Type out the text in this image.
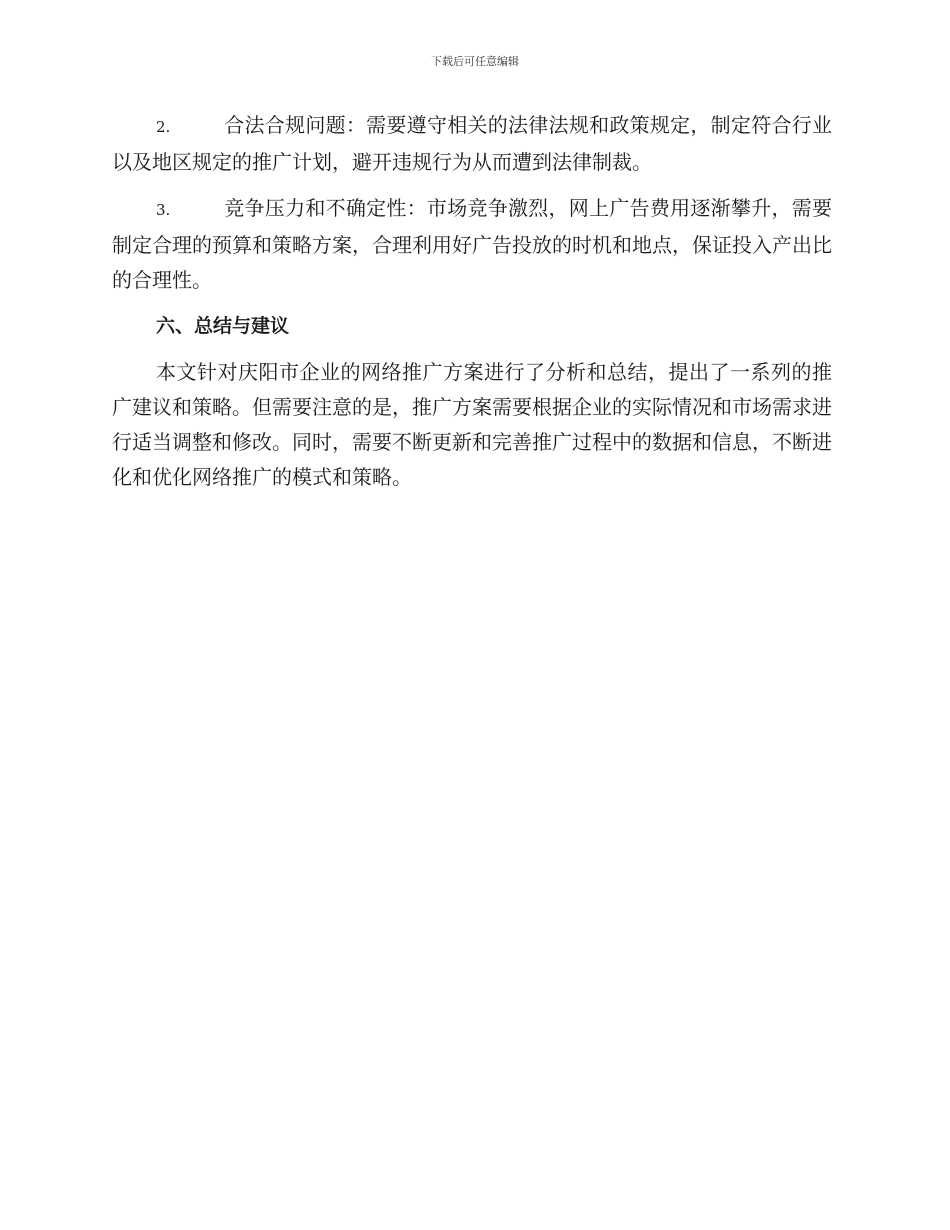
下载后可任意编辑

2.	合法合规问题：需要遵守相关的法律法规和政策规定，制定符合行业以及地区规定的推广计划，避开违规行为从而遭到法律制裁。

3.	竞争压力和不确定性：市场竞争激烈，网上广告费用逐渐攀升，需要制定合理的预算和策略方案，合理利用好广告投放的时机和地点，保证投入产出比的合理性。

六、总结与建议

本文针对庆阳市企业的网络推广方案进行了分析和总结，提出了一系列的推广建议和策略。但需要注意的是，推广方案需要根据企业的实际情况和市场需求进行适当调整和修改。同时，需要不断更新和完善推广过程中的数据和信息，不断进化和优化网络推广的模式和策略。
